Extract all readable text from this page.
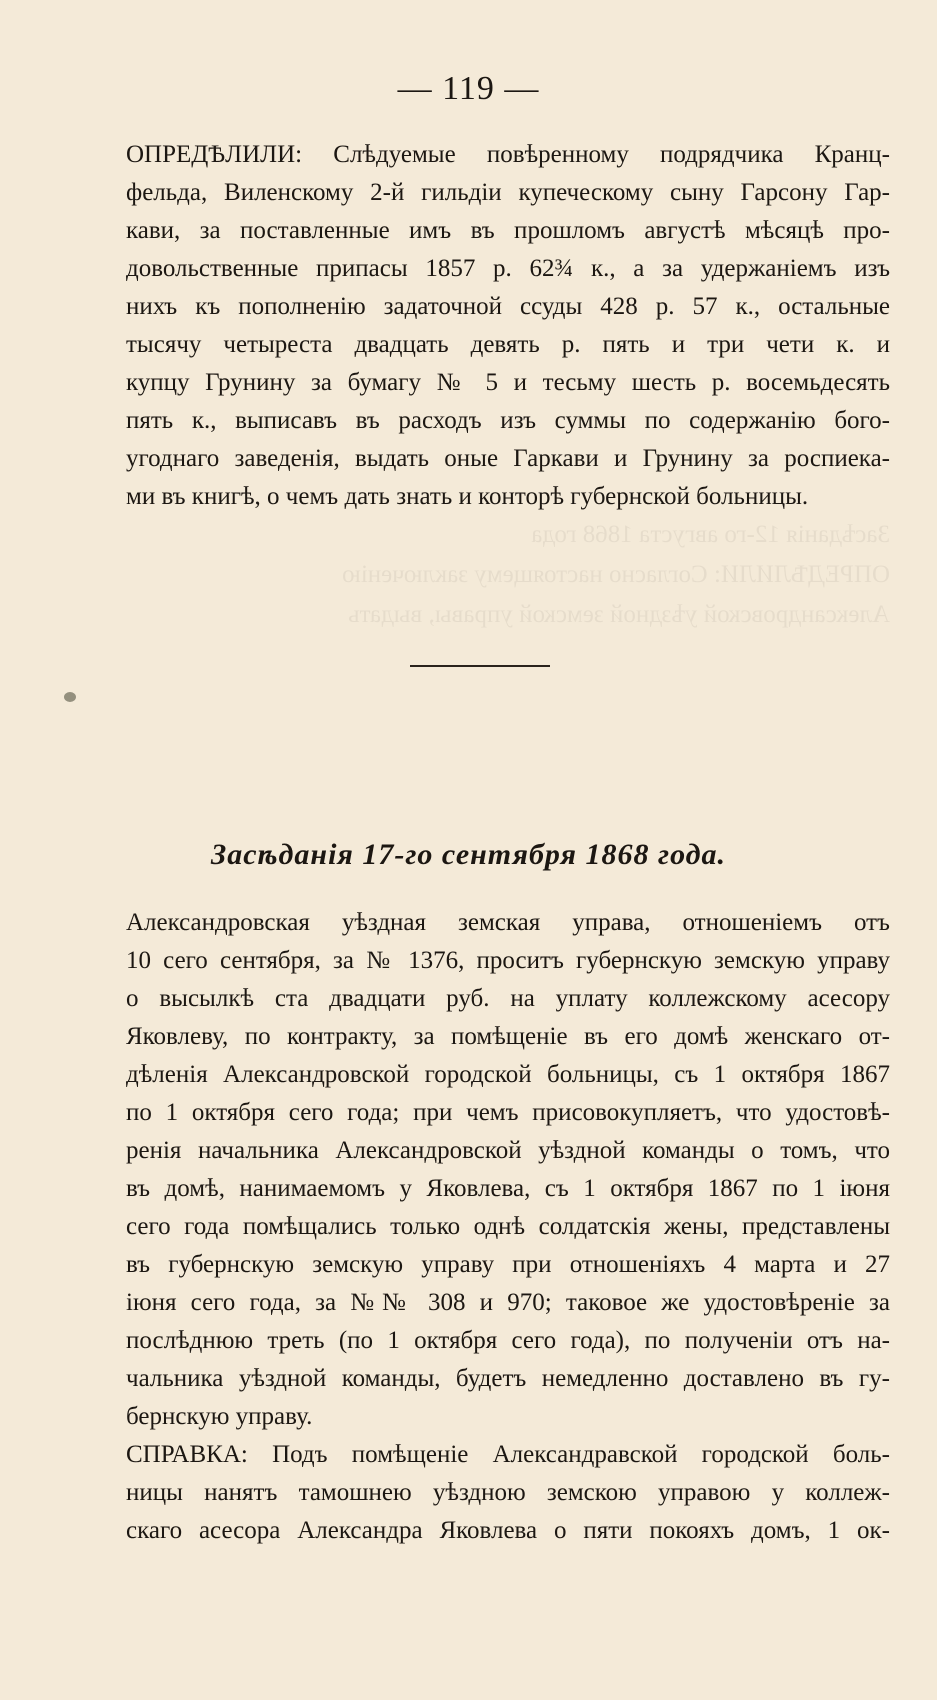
Засѣданія 12-го августа 1868 года
ОПРЕДѢЛИЛИ: Согласно настоящему заключенію
Александровской уѣздной земской управы, выдать
— 119 —
ОПРЕДѢЛИЛИ: Слѣдуемые повѣренному подрядчика Кранц-
фельда, Виленскому 2-й гильдіи купеческому сыну Гарсону Гар-
кави, за поставленные имъ въ прошломъ августѣ мѣсяцѣ про-
довольственные припасы 1857 р. 62¾ к., а за удержаніемъ изъ
нихъ къ пополненію задаточной ссуды 428 р. 57 к., остальные
тысячу четыреста двадцать девять р. пять и три чети к. и
купцу Грунину за бумагу № 5 и тесьму шесть р. восемьдесять
пять к., выписавъ въ расходъ изъ суммы по содержанію бого-
угоднаго заведенія, выдать оные Гаркави и Грунину за роспиека-
ми въ книгѣ, о чемъ дать знать и конторѣ губернской больницы.
Засѣданія 17-го сентября 1868 года.
Александровская уѣздная земская управа, отношеніемъ отъ
10 сего сентября, за № 1376, проситъ губернскую земскую управу
о высылкѣ ста двадцати руб. на уплату коллежскому асесору
Яковлеву, по контракту, за помѣщеніе въ его домѣ женскаго от-
дѣленія Александровской городской больницы, съ 1 октября 1867
по 1 октября сего года; при чемъ присовокупляетъ, что удостовѣ-
ренія начальника Александровской уѣздной команды о томъ, что
въ домѣ, нанимаемомъ у Яковлева, съ 1 октября 1867 по 1 іюня
сего года помѣщались только однѣ солдатскія жены, представлены
въ губернскую земскую управу при отношеніяхъ 4 марта и 27
іюня сего года, за №№ 308 и 970; таковое же удостовѣреніе за
послѣднюю треть (по 1 октября сего года), по полученіи отъ на-
чальника уѣздной команды, будетъ немедленно доставлено въ гу-
бернскую управу.
СПРАВКА: Подъ помѣщеніе Александравской городской боль-
ницы нанятъ тамошнею уѣздною земскою управою у коллеж-
скаго асесора Александра Яковлева о пяти покояхъ домъ, 1 ок-
